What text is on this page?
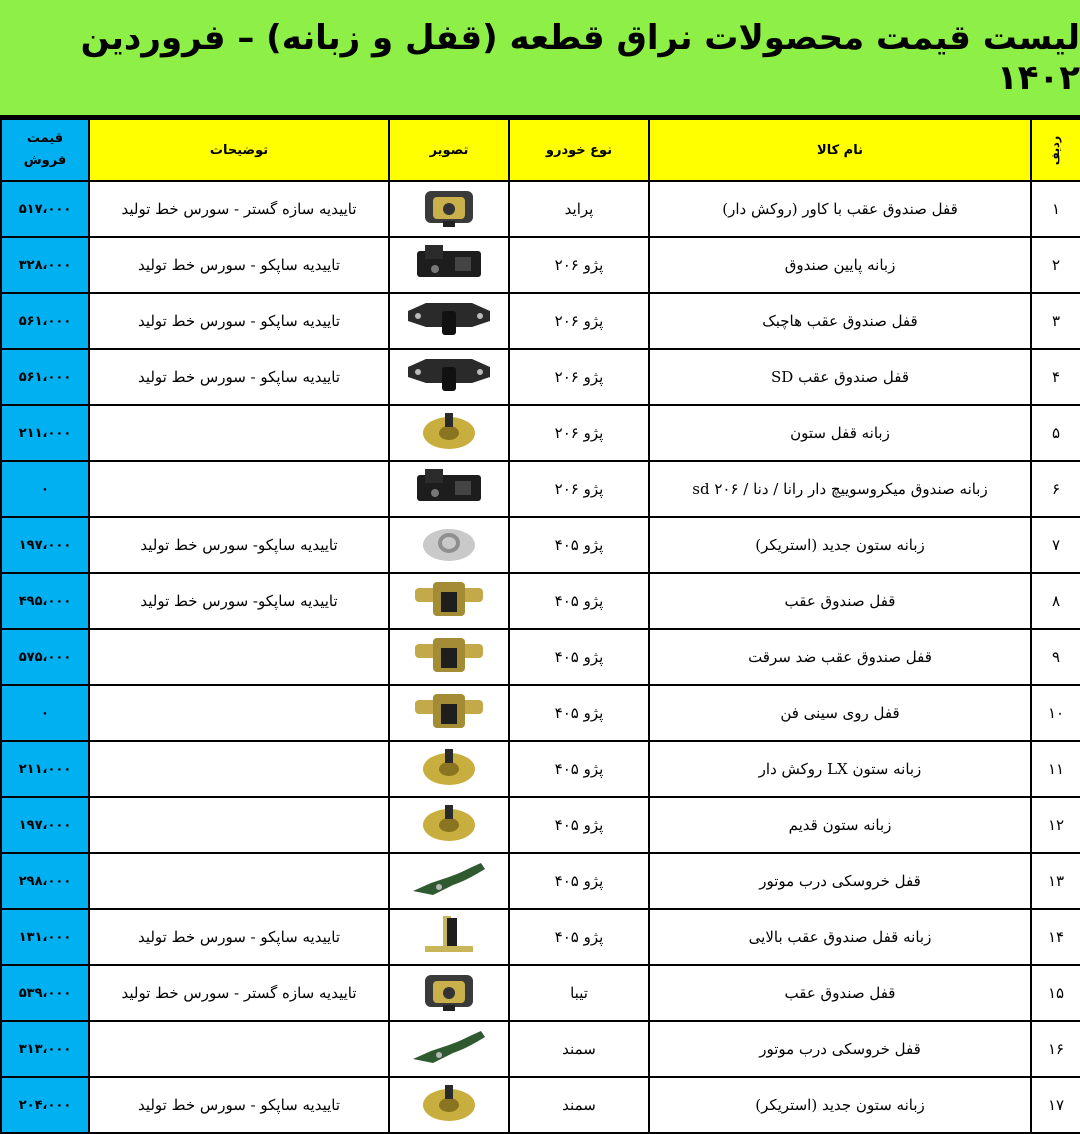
لیست قیمت محصولات نراق قطعه (قفل و زبانه) – فروردین ۱۴۰۲
ردیف	نام کالا	نوع خودرو	تصویر	توضیحات	قیمت
فروش
۱	قفل صندوق عقب با کاور (روکش دار)	پراید		تاییدیه سازه گستر - سورس خط تولید	۵۱۷،۰۰۰
۲	زبانه پایین صندوق	پژو ۲۰۶		تاییدیه ساپکو - سورس خط تولید	۳۲۸،۰۰۰
۳	قفل صندوق عقب هاچبک	پژو ۲۰۶		تاییدیه ساپکو - سورس خط تولید	۵۶۱،۰۰۰
۴	قفل صندوق عقب SD	پژو ۲۰۶		تاییدیه ساپکو - سورس خط تولید	۵۶۱،۰۰۰
۵	زبانه قفل ستون	پژو ۲۰۶			۲۱۱،۰۰۰
۶	زبانه صندوق میکروسوییچ دار رانا / دنا / ۲۰۶ sd	پژو ۲۰۶			۰
۷	زبانه ستون جدید (استریکر)	پژو ۴۰۵		تاییدیه ساپکو- سورس خط تولید	۱۹۷،۰۰۰
۸	قفل صندوق عقب	پژو ۴۰۵		تاییدیه ساپکو- سورس خط تولید	۴۹۵،۰۰۰
۹	قفل صندوق عقب ضد سرقت	پژو ۴۰۵			۵۷۵،۰۰۰
۱۰	قفل روی سینی فن	پژو ۴۰۵			۰
۱۱	زبانه ستون LX روکش دار	پژو ۴۰۵			۲۱۱،۰۰۰
۱۲	زبانه ستون قدیم	پژو ۴۰۵			۱۹۷،۰۰۰
۱۳	قفل خروسکی درب موتور	پژو ۴۰۵			۲۹۸،۰۰۰
۱۴	زبانه قفل صندوق عقب بالایی	پژو ۴۰۵		تاییدیه ساپکو - سورس خط تولید	۱۳۱،۰۰۰
۱۵	قفل صندوق عقب	تیبا		تاییدیه سازه گستر - سورس خط تولید	۵۳۹،۰۰۰
۱۶	قفل خروسکی درب موتور	سمند			۳۱۳،۰۰۰
۱۷	زبانه ستون جدید (استریکر)	سمند		تاییدیه ساپکو - سورس خط تولید	۲۰۴،۰۰۰
